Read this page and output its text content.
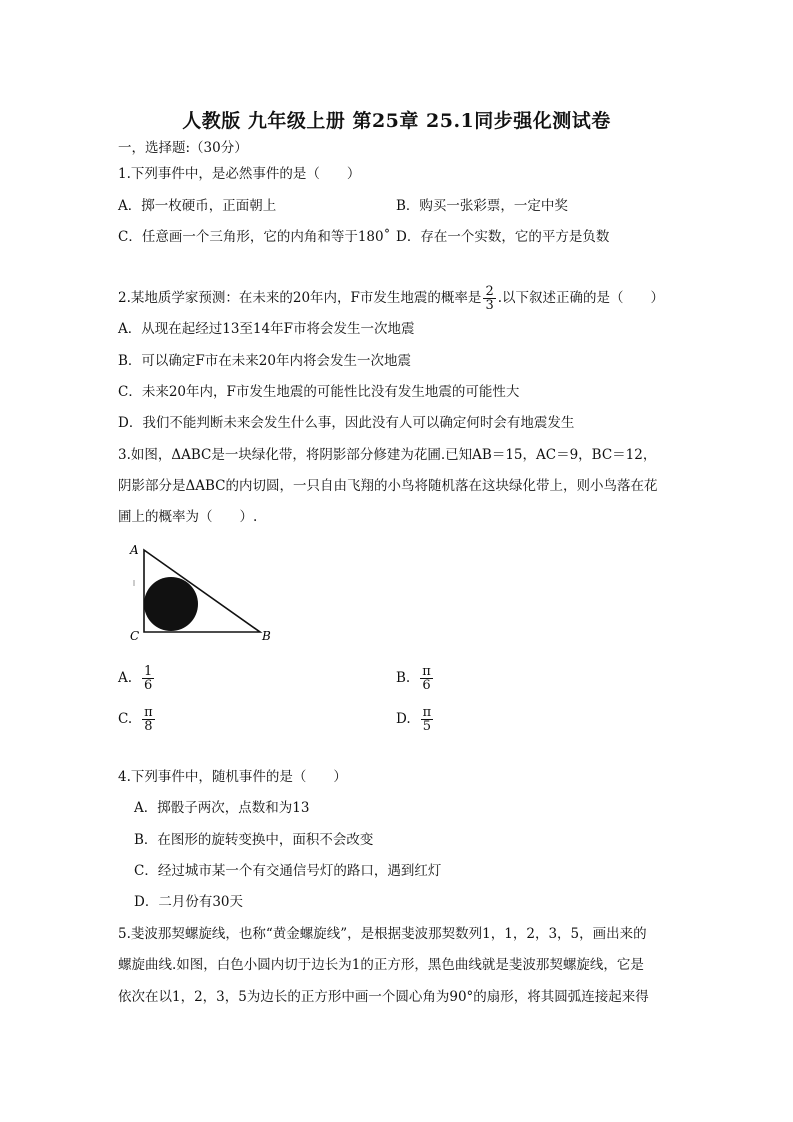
人教版 九年级上册 第25章 25.1同步强化测试卷
一，选择题:（30分）
1.下列事件中，是必然事件的是（　　）
A．掷一枚硬币，正面朝上	B．购买一张彩票，一定中奖
C．任意画一个三角形，它的内角和等于180˚ D．存在一个实数，它的平方是负数
2.某地质学家预测：在未来的20年内，F市发生地震的概率是 $\frac{2}{3}$ .以下叙述正确的是（　　）
A．从现在起经过13至14年F市将会发生一次地震
B．可以确定F市在未来20年内将会发生一次地震
C．未来20年内，F市发生地震的可能性比没有发生地震的可能性大
D．我们不能判断未来会发生什么事，因此没有人可以确定何时会有地震发生
3.如图，ΔABC是一块绿化带，将阴影部分修建为花圃.已知AB＝15，AC＝9，BC＝12，
阴影部分是ΔABC的内切圆，一只自由飞翔的小鸟将随机落在这块绿化带上，则小鸟落在花
圃上的概率为（　　）.
A
C	B
A. $\frac{1}{6}$	B. $\frac{\pi}{6}$
C. $\frac{\pi}{8}$	D. $\frac{\pi}{5}$
4.下列事件中，随机事件的是（　　）
A．掷骰子两次，点数和为13
B．在图形的旋转变换中，面积不会改变
C．经过城市某一个有交通信号灯的路口，遇到红灯
D．二月份有30天
5.斐波那契螺旋线，也称“黄金螺旋线”，是根据斐波那契数列1，1，2，3，5，画出来的
螺旋曲线.如图，白色小圆内切于边长为1的正方形，黑色曲线就是斐波那契螺旋线，它是
依次在以1，2，3，5为边长的正方形中画一个圆心角为90°的扇形，将其圆弧连接起来得
